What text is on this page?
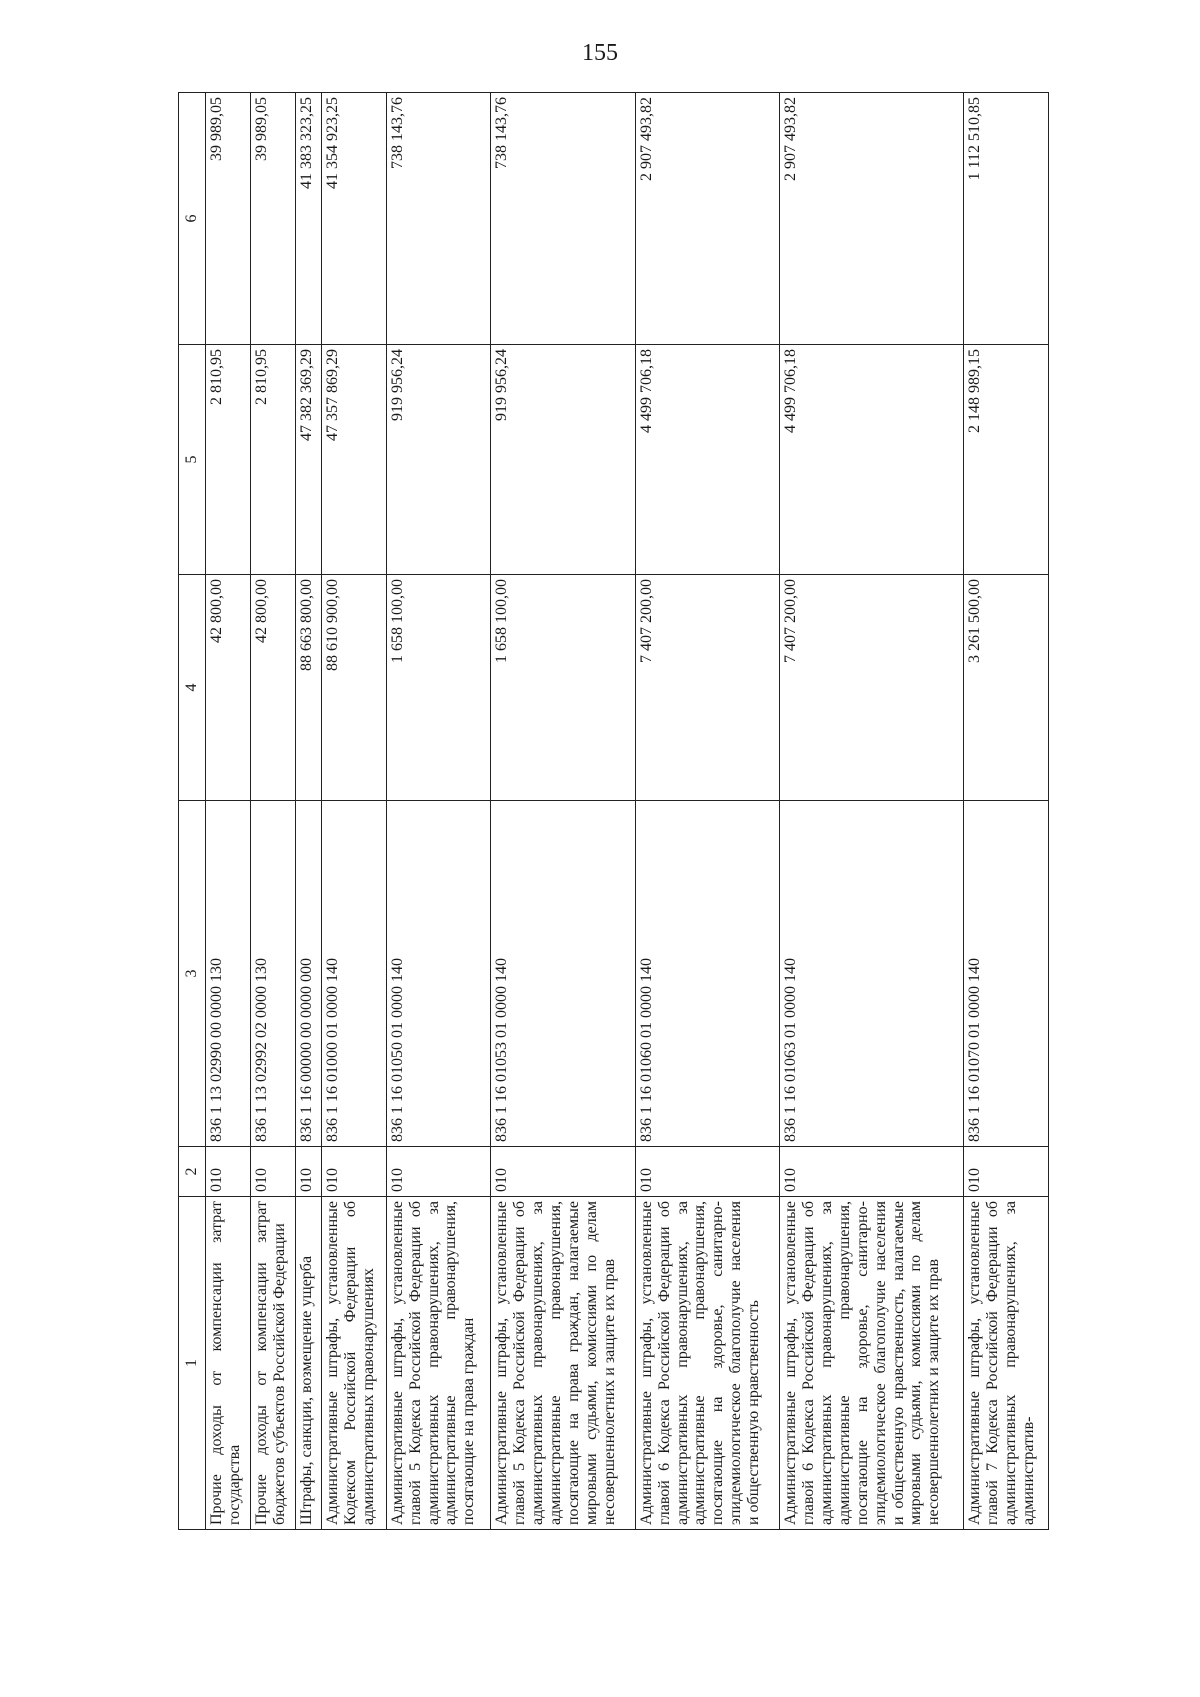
155
1	2	3	4	5	6
Прочие доходы от компенсации затрат государства	010	836 1 13 02990 00 0000 130	42 800,00	2 810,95	39 989,05
Прочие доходы от компенсации затрат бюджетов субъектов Российской Федерации	010	836 1 13 02992 02 0000 130	42 800,00	2 810,95	39 989,05
Штрафы, санкции, возмещение ущерба	010	836 1 16 00000 00 0000 000	88 663 800,00	47 382 369,29	41 383 323,25
Административные штрафы, установленные Кодексом Российской Федерации об административных правонарушениях	010	836 1 16 01000 01 0000 140	88 610 900,00	47 357 869,29	41 354 923,25
Административные штрафы, установленные главой 5 Кодекса Российской Федерации об административных правонарушениях, за административные правонарушения, посягающие на права граждан	010	836 1 16 01050 01 0000 140	1 658 100,00	919 956,24	738 143,76
Административные штрафы, установленные главой 5 Кодекса Российской Федерации об административных правонарушениях, за административные правонарушения, посягающие на права граждан, налагаемые мировыми судьями, комиссиями по делам несовершеннолетних и защите их прав	010	836 1 16 01053 01 0000 140	1 658 100,00	919 956,24	738 143,76
Административные штрафы, установленные главой 6 Кодекса Российской Федерации об административных правонарушениях, за административные правонарушения, посягающие на здоровье, санитарно-эпидемиологическое благополучие населения и общественную нравственность	010	836 1 16 01060 01 0000 140	7 407 200,00	4 499 706,18	2 907 493,82
Административные штрафы, установленные главой 6 Кодекса Российской Федерации об административных правонарушениях, за административные правонарушения, посягающие на здоровье, санитарно-эпидемиологическое благополучие населения и общественную нравственность, налагаемые мировыми судьями, комиссиями по делам несовершеннолетних и защите их прав	010	836 1 16 01063 01 0000 140	7 407 200,00	4 499 706,18	2 907 493,82
Административные штрафы, установленные главой 7 Кодекса Российской Федерации об административных правонарушениях, за административ-	010	836 1 16 01070 01 0000 140	3 261 500,00	2 148 989,15	1 112 510,85
